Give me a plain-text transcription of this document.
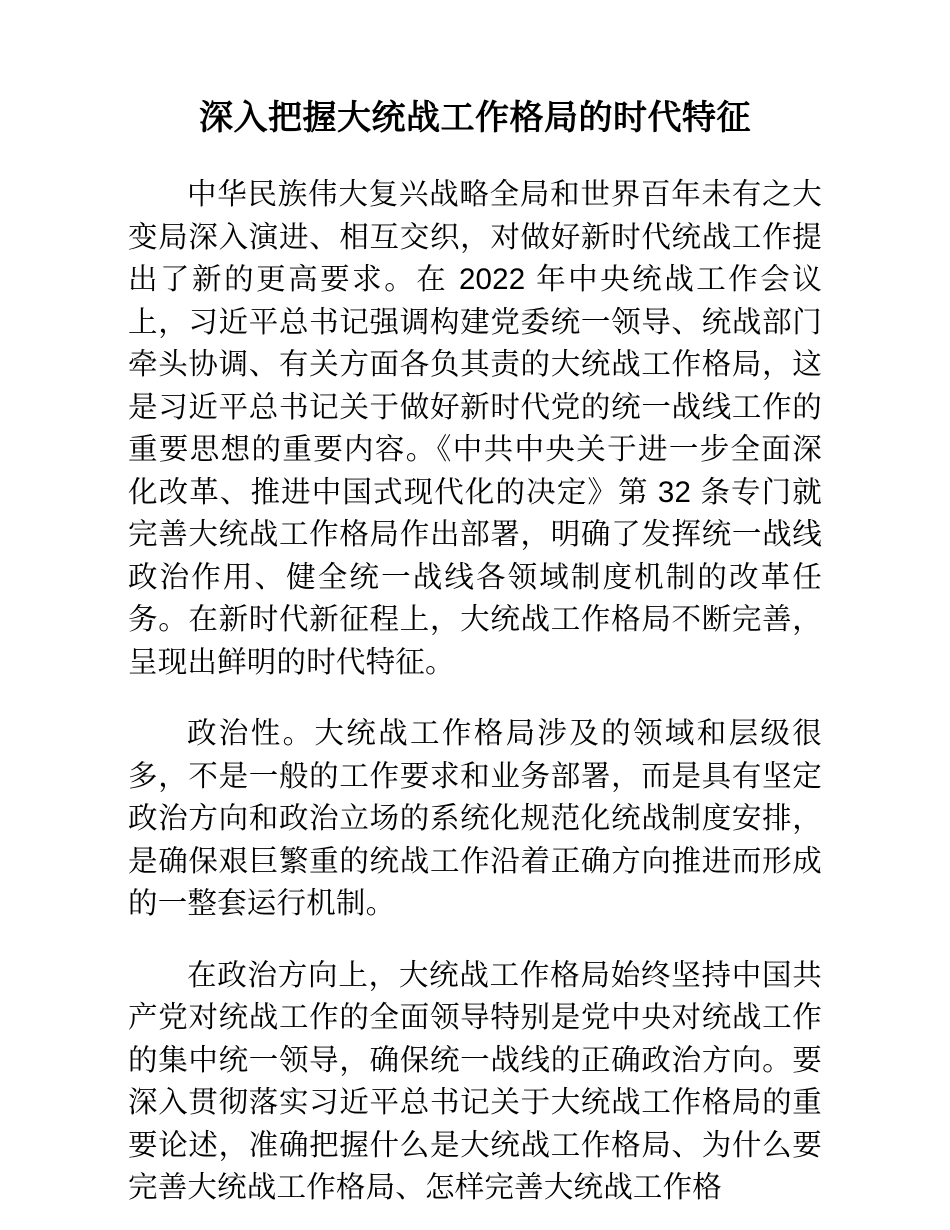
深入把握大统战工作格局的时代特征

中华民族伟大复兴战略全局和世界百年未有之大变局深入演进、相互交织，对做好新时代统战工作提出了新的更高要求。在 2022 年中央统战工作会议上，习近平总书记强调构建党委统一领导、统战部门牵头协调、有关方面各负其责的大统战工作格局，这是习近平总书记关于做好新时代党的统一战线工作的重要思想的重要内容。《中共中央关于进一步全面深化改革、推进中国式现代化的决定》第 32 条专门就完善大统战工作格局作出部署，明确了发挥统一战线政治作用、健全统一战线各领域制度机制的改革任务。在新时代新征程上，大统战工作格局不断完善，呈现出鲜明的时代特征。

政治性。大统战工作格局涉及的领域和层级很多，不是一般的工作要求和业务部署，而是具有坚定政治方向和政治立场的系统化规范化统战制度安排，是确保艰巨繁重的统战工作沿着正确方向推进而形成的一整套运行机制。

在政治方向上，大统战工作格局始终坚持中国共产党对统战工作的全面领导特别是党中央对统战工作的集中统一领导，确保统一战线的正确政治方向。要深入贯彻落实习近平总书记关于大统战工作格局的重要论述，准确把握什么是大统战工作格局、为什么要完善大统战工作格局、怎样完善大统战工作格
